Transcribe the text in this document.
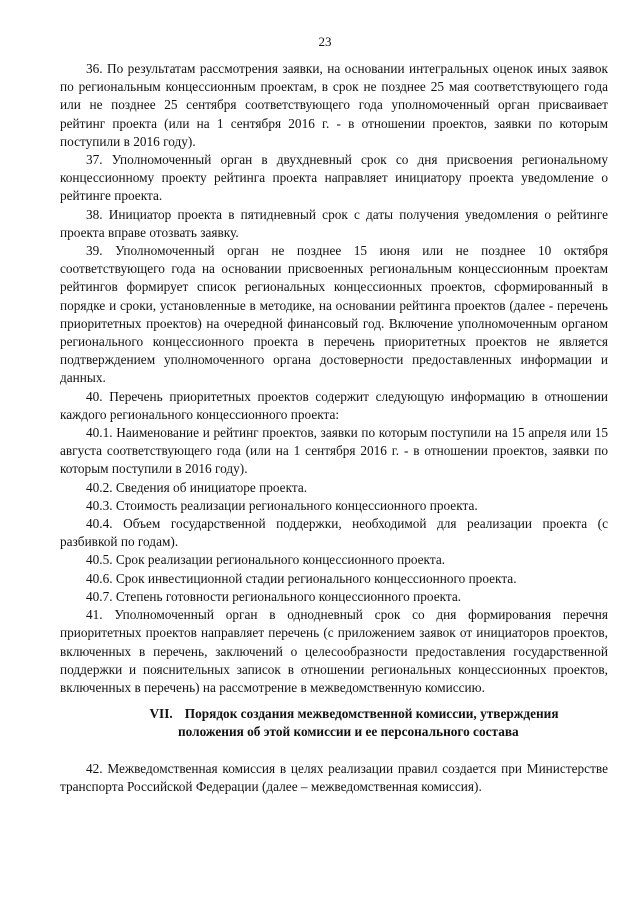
23

36. По результатам рассмотрения заявки, на основании интегральных оценок иных заявок по региональным концессионным проектам, в срок не позднее 25 мая соответствующего года или не позднее 25 сентября соответствующего года уполномоченный орган присваивает рейтинг проекта (или на 1 сентября 2016 г. - в отношении проектов, заявки по которым поступили в 2016 году).

37. Уполномоченный орган в двухдневный срок со дня присвоения региональному концессионному проекту рейтинга проекта направляет инициатору проекта уведомление о рейтинге проекта.

38. Инициатор проекта в пятидневный срок с даты получения уведомления о рейтинге проекта вправе отозвать заявку.

39. Уполномоченный орган не позднее 15 июня или не позднее 10 октября соответствующего года на основании присвоенных региональным концессионным проектам рейтингов формирует список региональных концессионных проектов, сформированный в порядке и сроки, установленные в методике, на основании рейтинга проектов (далее - перечень приоритетных проектов) на очередной финансовый год. Включение уполномоченным органом регионального концессионного проекта в перечень приоритетных проектов не является подтверждением уполномоченного органа достоверности предоставленных информации и данных.

40. Перечень приоритетных проектов содержит следующую информацию в отношении каждого регионального концессионного проекта:

40.1. Наименование и рейтинг проектов, заявки по которым поступили на 15 апреля или 15 августа соответствующего года (или на 1 сентября 2016 г. - в отношении проектов, заявки по которым поступили в 2016 году).

40.2. Сведения об инициаторе проекта.

40.3. Стоимость реализации регионального концессионного проекта.

40.4. Объем государственной поддержки, необходимой для реализации проекта (с разбивкой по годам).

40.5. Срок реализации регионального концессионного проекта.

40.6. Срок инвестиционной стадии регионального концессионного проекта.

40.7. Степень готовности регионального концессионного проекта.

41. Уполномоченный орган в однодневный срок со дня формирования перечня приоритетных проектов направляет перечень (с приложением заявок от инициаторов проектов, включенных в перечень, заключений о целесообразности предоставления государственной поддержки и пояснительных записок в отношении региональных концессионных проектов, включенных в перечень) на рассмотрение в межведомственную комиссию.

VII. Порядок создания межведомственной комиссии, утверждения
положения об этой комиссии и ее персонального состава

42. Межведомственная комиссия в целях реализации правил создается при Министерстве транспорта Российской Федерации (далее – межведомственная комиссия).
